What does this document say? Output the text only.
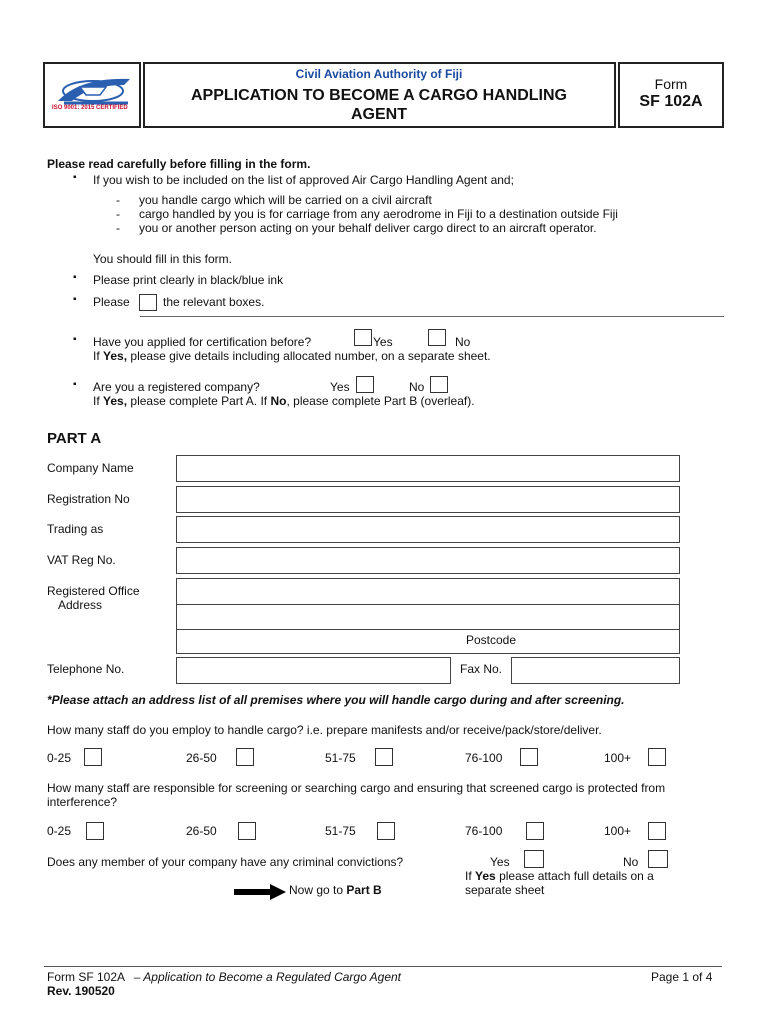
ISO 9001: 2015 CERTIFIED
Civil Aviation Authority of Fiji
APPLICATION TO BECOME A CARGO HANDLING
AGENT
Form
SF 102A
Please read carefully before filling in the form.
▪ If you wish to be included on the list of approved Air Cargo Handling Agent and;
- you handle cargo which will be carried on a civil aircraft
- cargo handled by you is for carriage from any aerodrome in Fiji to a destination outside Fiji
- you or another person acting on your behalf deliver cargo direct to an aircraft operator.
You should fill in this form.
▪ Please print clearly in black/blue ink
▪ Please	the relevant boxes.
▪ Have you applied for certification before?	Yes	No
If Yes, please give details including allocated number, on a separate sheet.
▪ Are you a registered company?	Yes	No
If Yes, please complete Part A. If No, please complete Part B (overleaf).
PART A
Company Name
Registration No
Trading as
VAT Reg No.
Registered Office
Address
Postcode
Telephone No.	Fax No.
*Please attach an address list of all premises where you will handle cargo during and after screening.
How many staff do you employ to handle cargo? i.e. prepare manifests and/or receive/pack/store/deliver.
0-25	26-50	51-75	76-100	100+
How many staff are responsible for screening or searching cargo and ensuring that screened cargo is protected from
interference?
0-25	26-50	51-75	76-100	100+
Does any member of your company have any criminal convictions?	Yes	No
If Yes please attach full details on a
separate sheet
Now go to Part B
Form SF 102A – Application to Become a Regulated Cargo Agent
Rev. 190520
Page 1 of 4
